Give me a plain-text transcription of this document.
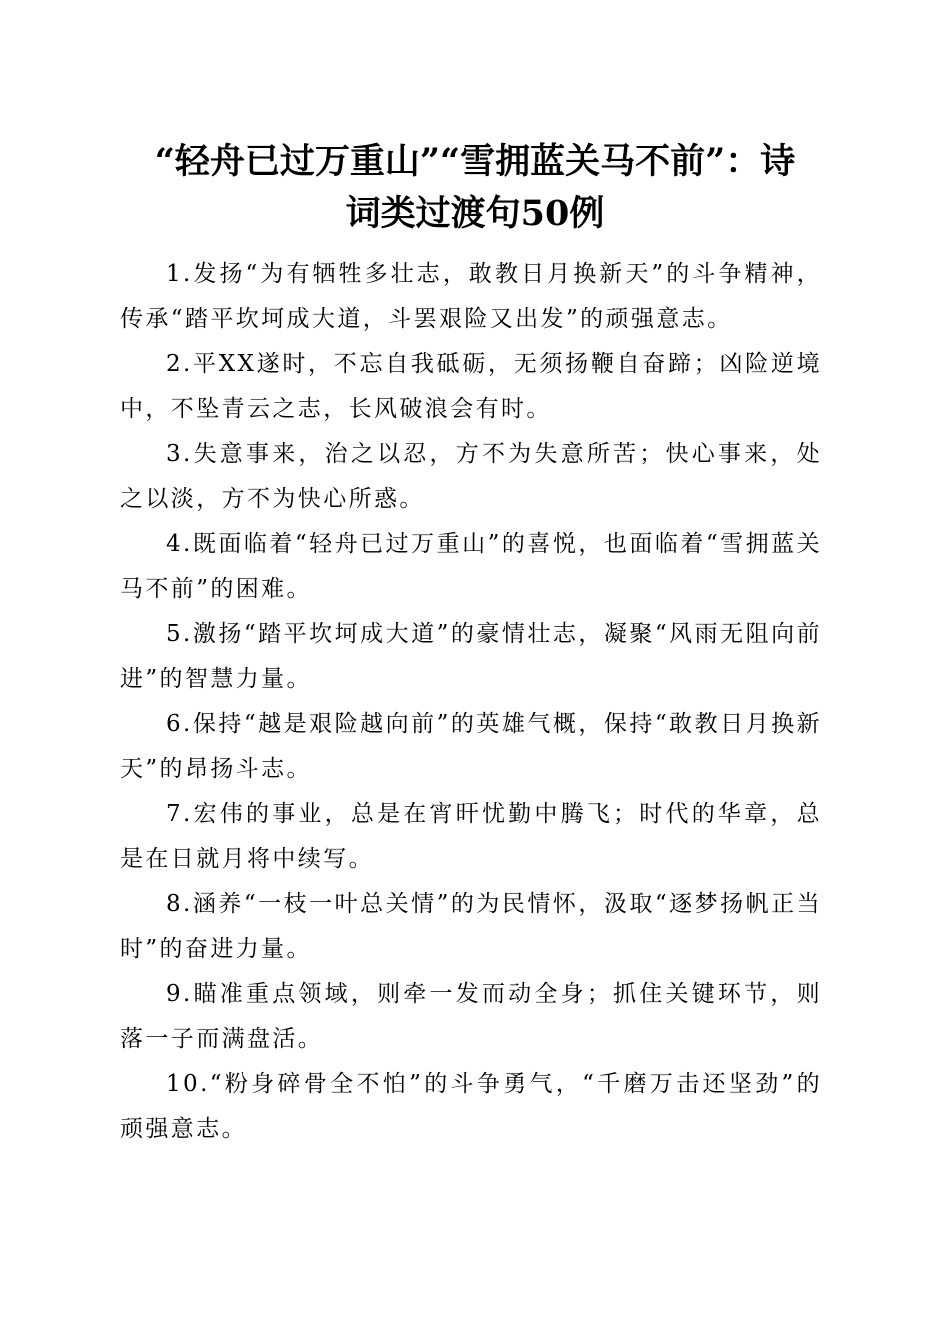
“轻舟已过万重山”“雪拥蓝关马不前”：诗
词类过渡句50例

1.发扬“为有牺牲多壮志，敢教日月换新天”的斗争精神，传承“踏平坎坷成大道，斗罢艰险又出发”的顽强意志。

2.平XX遂时，不忘自我砥砺，无须扬鞭自奋蹄；凶险逆境中，不坠青云之志，长风破浪会有时。

3.失意事来，治之以忍，方不为失意所苦；快心事来，处之以淡，方不为快心所惑。

4.既面临着“轻舟已过万重山”的喜悦，也面临着“雪拥蓝关马不前”的困难。

5.激扬“踏平坎坷成大道”的豪情壮志，凝聚“风雨无阻向前进”的智慧力量。

6.保持“越是艰险越向前”的英雄气概，保持“敢教日月换新天”的昂扬斗志。

7.宏伟的事业，总是在宵旰忧勤中腾飞；时代的华章，总是在日就月将中续写。

8.涵养“一枝一叶总关情”的为民情怀，汲取“逐梦扬帆正当时”的奋进力量。

9.瞄准重点领域，则牵一发而动全身；抓住关键环节，则落一子而满盘活。

10.“粉身碎骨全不怕”的斗争勇气，“千磨万击还坚劲”的顽强意志。
